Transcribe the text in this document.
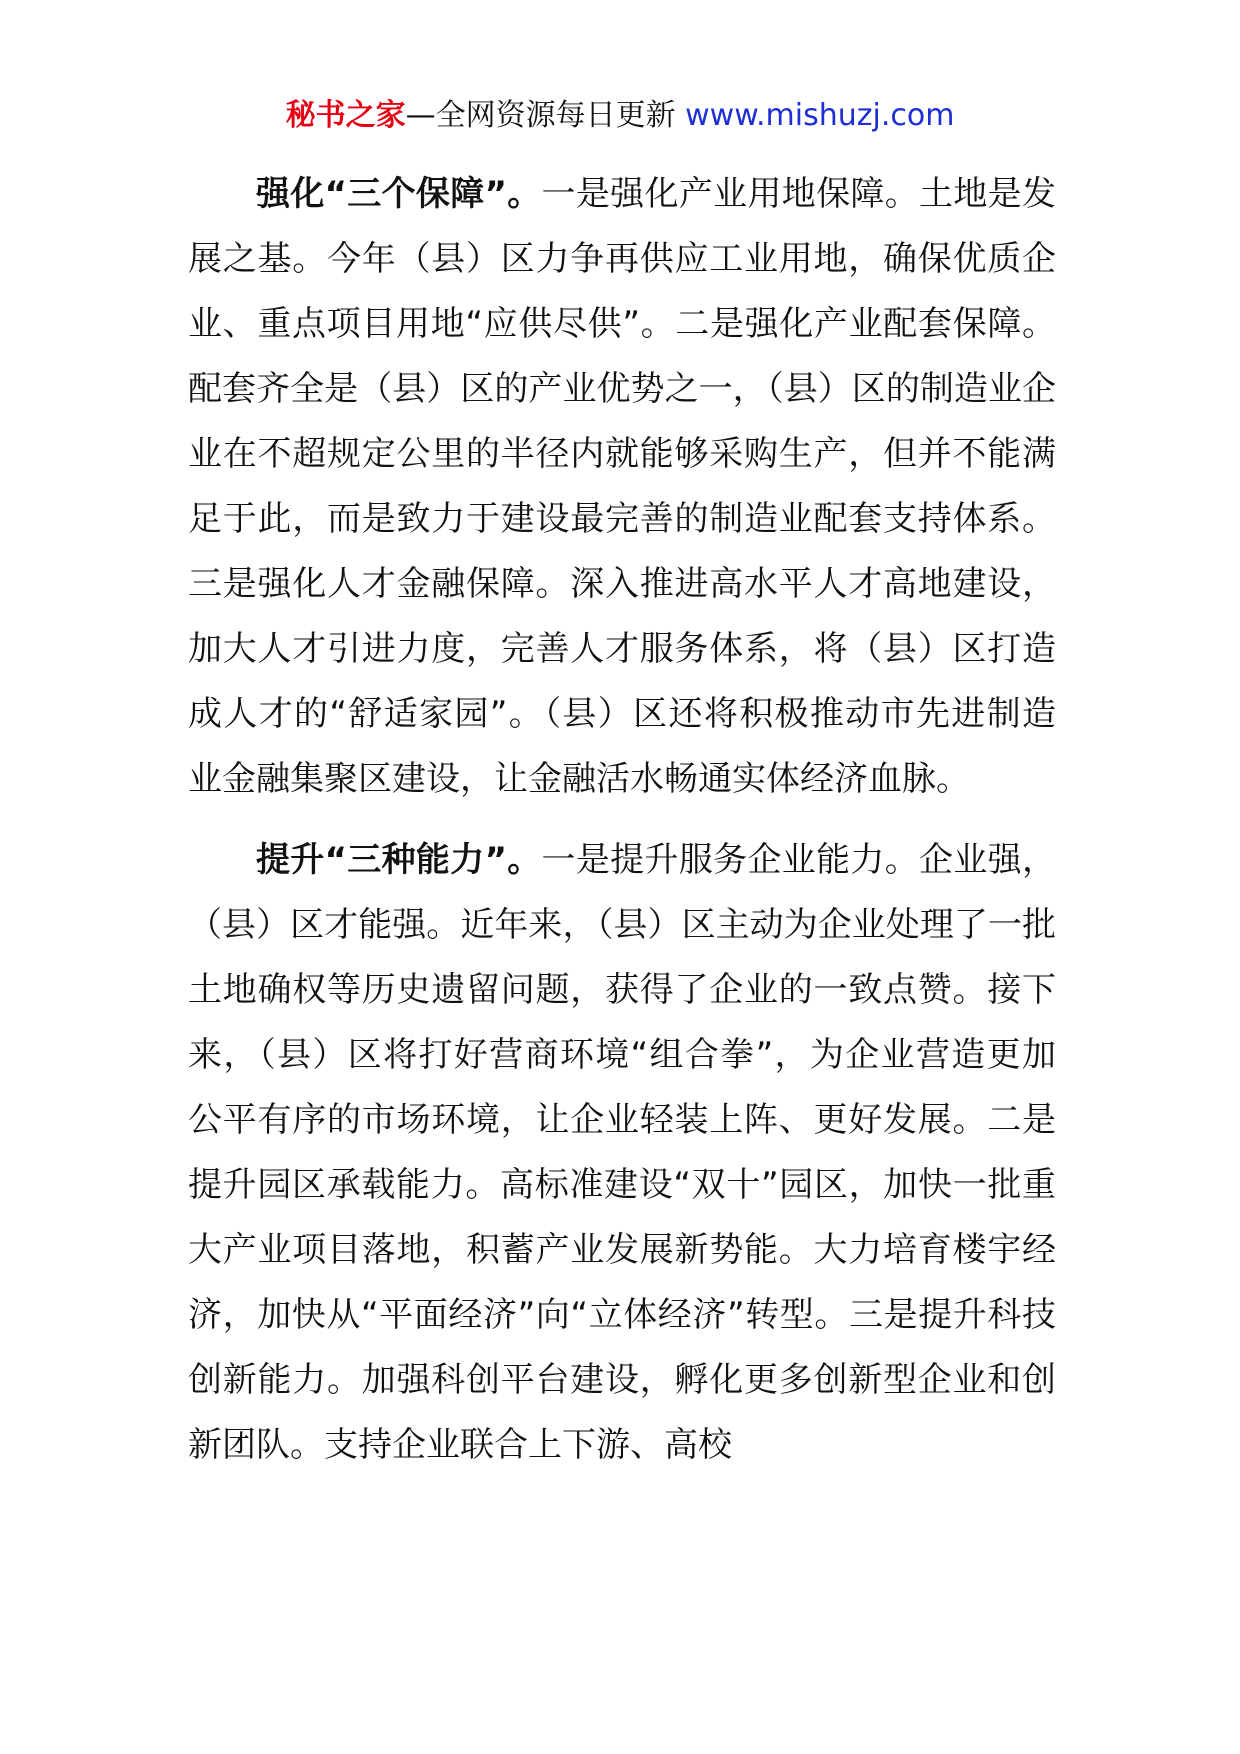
秘书之家—全网资源每日更新 www.mishuzj.com

强化“三个保障”。一是强化产业用地保障。土地是发展之基。今年（县）区力争再供应工业用地，确保优质企业、重点项目用地“应供尽供”。二是强化产业配套保障。配套齐全是（县）区的产业优势之一，（县）区的制造业企业在不超规定公里的半径内就能够采购生产，但并不能满足于此，而是致力于建设最完善的制造业配套支持体系。三是强化人才金融保障。深入推进高水平人才高地建设，加大人才引进力度，完善人才服务体系，将（县）区打造成人才的“舒适家园”。（县）区还将积极推动市先进制造业金融集聚区建设，让金融活水畅通实体经济血脉。

提升“三种能力”。一是提升服务企业能力。企业强，（县）区才能强。近年来，（县）区主动为企业处理了一批土地确权等历史遗留问题，获得了企业的一致点赞。接下来，（县）区将打好营商环境“组合拳”，为企业营造更加公平有序的市场环境，让企业轻装上阵、更好发展。二是提升园区承载能力。高标准建设“双十”园区，加快一批重大产业项目落地，积蓄产业发展新势能。大力培育楼宇经济，加快从“平面经济”向“立体经济”转型。三是提升科技创新能力。加强科创平台建设，孵化更多创新型企业和创新团队。支持企业联合上下游、高校
